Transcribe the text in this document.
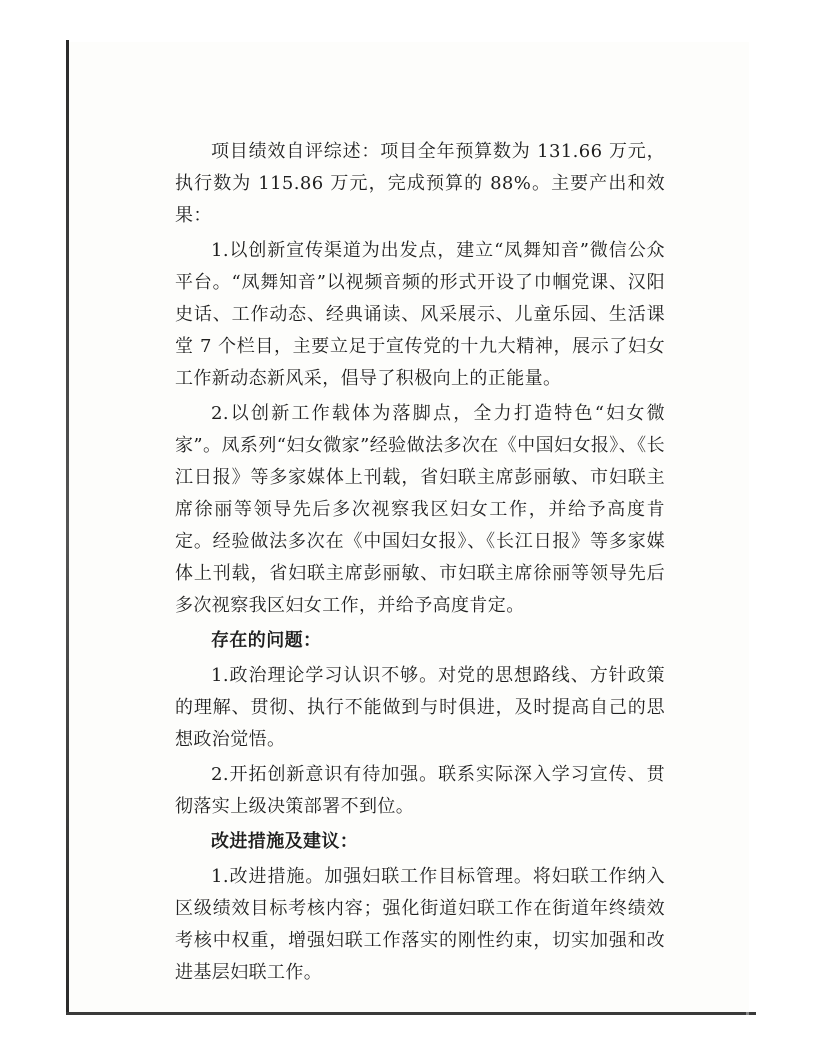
项目绩效自评综述：项目全年预算数为 131.66 万元，执行数为 115.86 万元，完成预算的 88%。主要产出和效果：

1.以创新宣传渠道为出发点，建立“凤舞知音”微信公众平台。“凤舞知音”以视频音频的形式开设了巾帼党课、汉阳史话、工作动态、经典诵读、风采展示、儿童乐园、生活课堂 7 个栏目，主要立足于宣传党的十九大精神，展示了妇女工作新动态新风采，倡导了积极向上的正能量。

2.以创新工作载体为落脚点，全力打造特色“妇女微家”。凤系列“妇女微家”经验做法多次在《中国妇女报》、《长江日报》等多家媒体上刊载，省妇联主席彭丽敏、市妇联主席徐丽等领导先后多次视察我区妇女工作，并给予高度肯定。经验做法多次在《中国妇女报》、《长江日报》等多家媒体上刊载，省妇联主席彭丽敏、市妇联主席徐丽等领导先后多次视察我区妇女工作，并给予高度肯定。

存在的问题：

1.政治理论学习认识不够。对党的思想路线、方针政策的理解、贯彻、执行不能做到与时俱进，及时提高自己的思想政治觉悟。

2.开拓创新意识有待加强。联系实际深入学习宣传、贯彻落实上级决策部署不到位。

改进措施及建议：

1.改进措施。加强妇联工作目标管理。将妇联工作纳入区级绩效目标考核内容；强化街道妇联工作在街道年终绩效考核中权重，增强妇联工作落实的刚性约束，切实加强和改进基层妇联工作。
